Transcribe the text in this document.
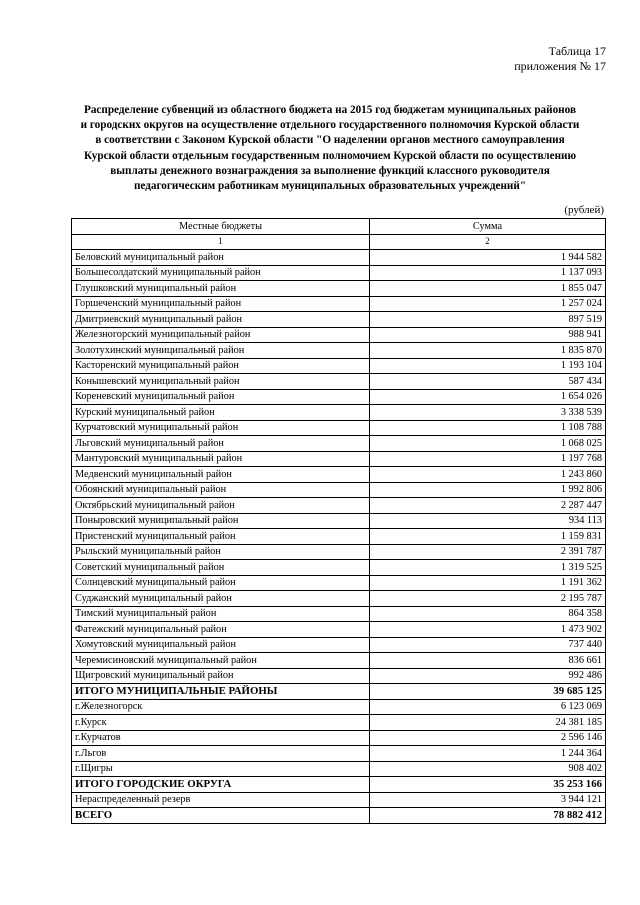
Таблица 17
приложения № 17
Распределение субвенций из областного бюджета на 2015 год бюджетам муниципальных районов
и городских округов на осуществление отдельного государственного полномочия Курской области
в соответствии с Законом Курской области "О наделении органов местного самоуправления
Курской области отдельным государственным полномочием Курской области по осуществлению
выплаты денежного вознаграждения за выполнение функций классного руководителя
педагогическим работникам муниципальных образовательных учреждений"
(рублей)
Местные бюджеты	Сумма
1	2
Беловский муниципальный район	1 944 582
Большесолдатский муниципальный район	1 137 093
Глушковский муниципальный район	1 855 047
Горшеченский муниципальный район	1 257 024
Дмитриевский муниципальный район	897 519
Железногорский муниципальный район	988 941
Золотухинский муниципальный район	1 835 870
Касторенский муниципальный район	1 193 104
Конышевский муниципальный район	587 434
Кореневский муниципальный район	1 654 026
Курский муниципальный район	3 338 539
Курчатовский муниципальный район	1 108 788
Льговский муниципальный район	1 068 025
Мантуровский муниципальный район	1 197 768
Медвенский муниципальный район	1 243 860
Обоянский муниципальный район	1 992 806
Октябрьский муниципальный район	2 287 447
Поныровский муниципальный район	934 113
Пристенский муниципальный район	1 159 831
Рыльский муниципальный район	2 391 787
Советский муниципальный район	1 319 525
Солнцевский муниципальный район	1 191 362
Суджанский муниципальный район	2 195 787
Тимский муниципальный район	864 358
Фатежский муниципальный район	1 473 902
Хомутовский муниципальный район	737 440
Черемисиновский муниципальный район	836 661
Щигровский муниципальный район	992 486
ИТОГО МУНИЦИПАЛЬНЫЕ РАЙОНЫ	39 685 125
г.Железногорск	6 123 069
г.Курск	24 381 185
г.Курчатов	2 596 146
г.Льгов	1 244 364
г.Щигры	908 402
ИТОГО ГОРОДСКИЕ ОКРУГА	35 253 166
Нераспределенный резерв	3 944 121
ВСЕГО	78 882 412
